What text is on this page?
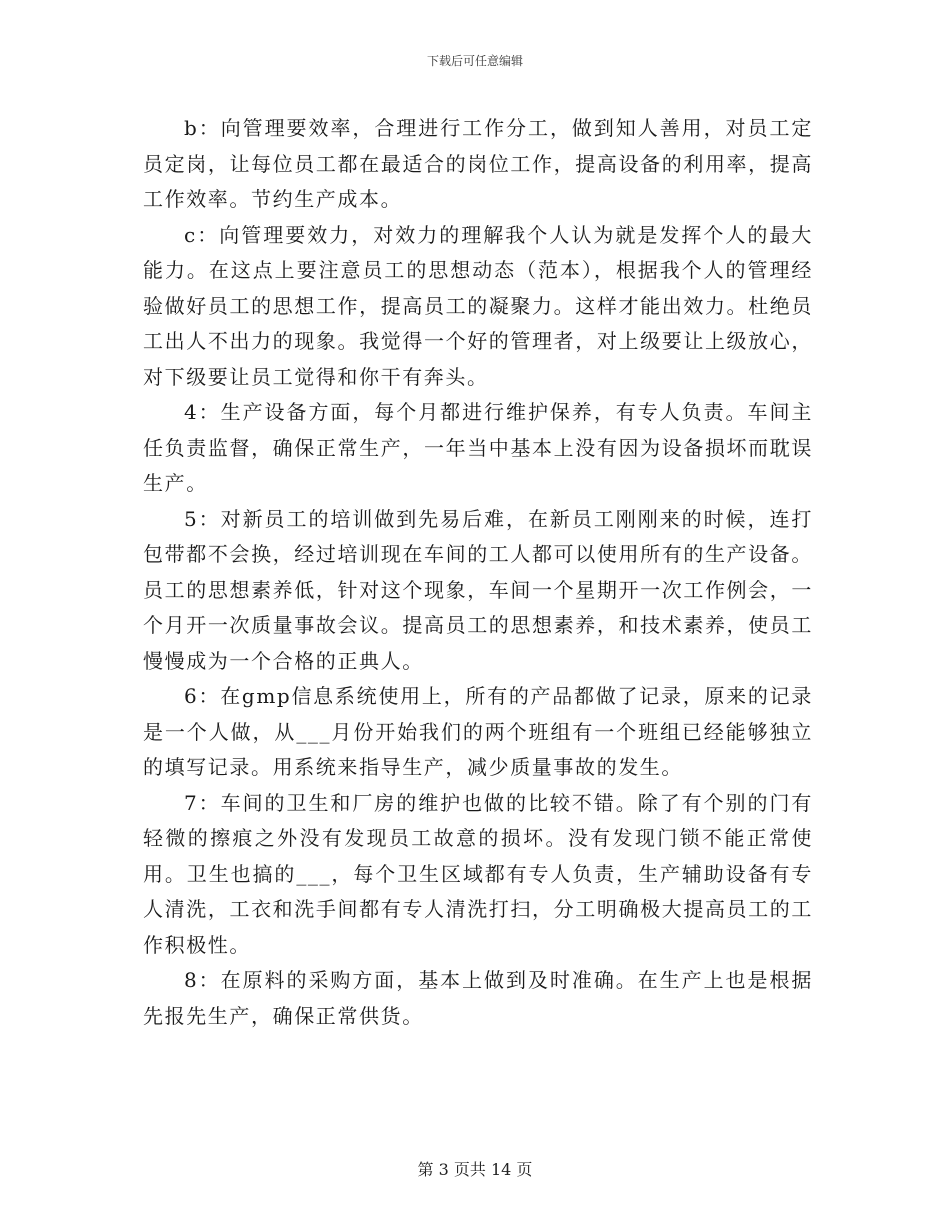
下载后可任意编辑

b：向管理要效率，合理进行工作分工，做到知人善用，对员工定员定岗，让每位员工都在最适合的岗位工作，提高设备的利用率，提高工作效率。节约生产成本。

c：向管理要效力，对效力的理解我个人认为就是发挥个人的最大能力。在这点上要注意员工的思想动态（范本），根据我个人的管理经验做好员工的思想工作，提高员工的凝聚力。这样才能出效力。杜绝员工出人不出力的现象。我觉得一个好的管理者，对上级要让上级放心，对下级要让员工觉得和你干有奔头。

4：生产设备方面，每个月都进行维护保养，有专人负责。车间主任负责监督，确保正常生产，一年当中基本上没有因为设备损坏而耽误生产。

5：对新员工的培训做到先易后难，在新员工刚刚来的时候，连打包带都不会换，经过培训现在车间的工人都可以使用所有的生产设备。员工的思想素养低，针对这个现象，车间一个星期开一次工作例会，一个月开一次质量事故会议。提高员工的思想素养，和技术素养，使员工慢慢成为一个合格的正典人。

6：在gmp信息系统使用上，所有的产品都做了记录，原来的记录是一个人做，从___月份开始我们的两个班组有一个班组已经能够独立的填写记录。用系统来指导生产，减少质量事故的发生。

7：车间的卫生和厂房的维护也做的比较不错。除了有个别的门有轻微的擦痕之外没有发现员工故意的损坏。没有发现门锁不能正常使用。卫生也搞的___，每个卫生区域都有专人负责，生产辅助设备有专人清洗，工衣和洗手间都有专人清洗打扫，分工明确极大提高员工的工作积极性。

8：在原料的采购方面，基本上做到及时准确。在生产上也是根据先报先生产，确保正常供货。

第 3 页共 14 页
